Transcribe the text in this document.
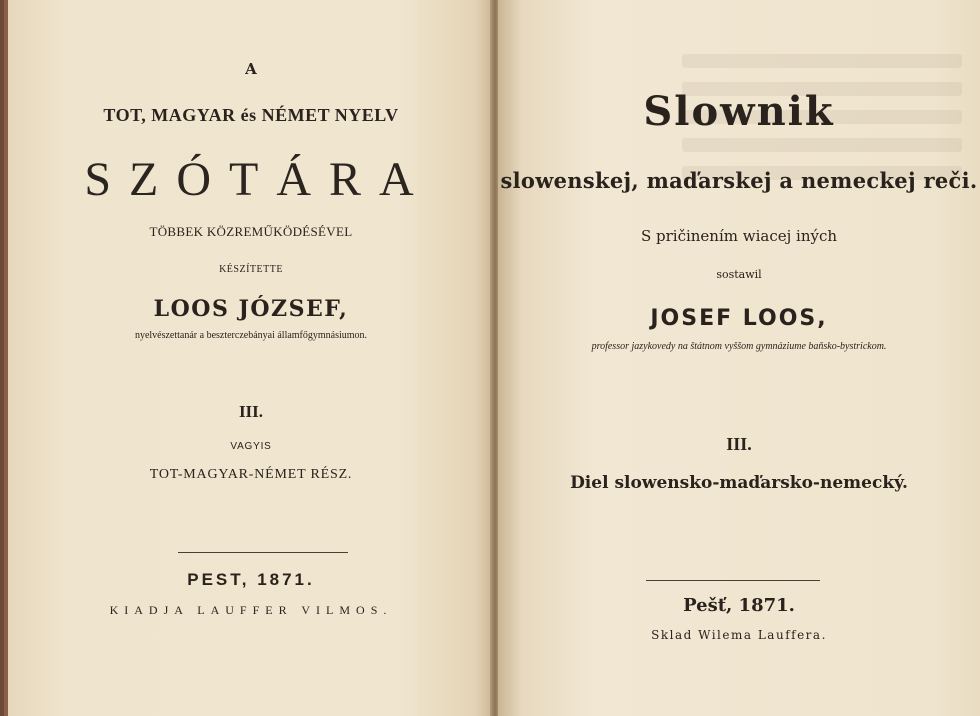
A
TOT, MAGYAR és NÉMET NYELV
SZÓTÁRA
TÖBBEK KÖZREMŰKÖDÉSÉVEL
KÉSZÍTETTE
LOOS JÓZSEF,
nyelvészettanár a beszterczebányai államfőgymnásiumon.
III.
VAGYIS
TOT-MAGYAR-NÉMET RÉSZ.
PEST, 1871.
KIADJA LAUFFER VILMOS.
Slownik
slowenskej, maďarskej a nemeckej reči.
S pričinením wiacej iných
sostawil
JOSEF LOOS,
professor jazykovedy na štátnom vyššom gymnáziume baňsko-bystrickom.
III.
Diel slowensko-maďarsko-nemecký.
Pešť, 1871.
Sklad Wilema Lauffera.
